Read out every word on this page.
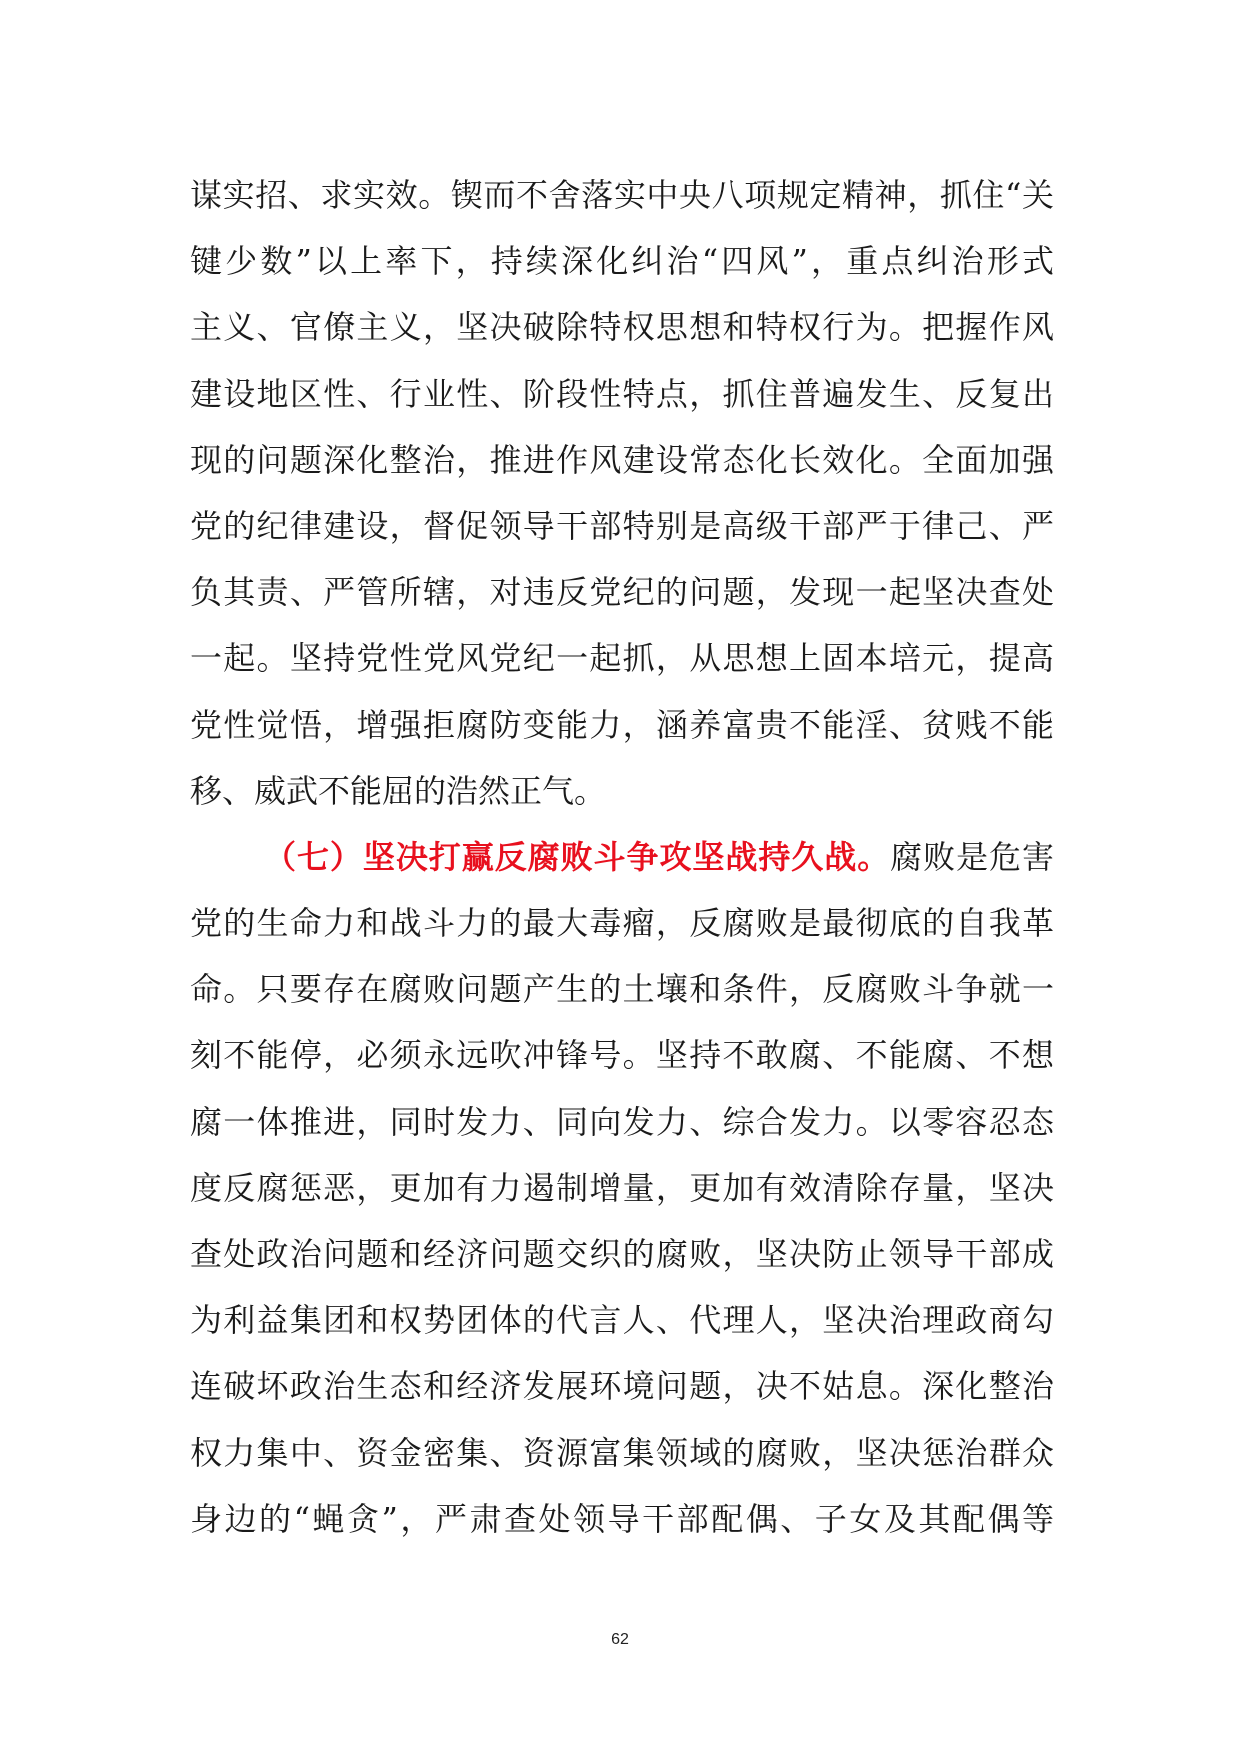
谋实招、求实效。锲而不舍落实中央八项规定精神，抓住“关
键少数”以上率下，持续深化纠治“四风”，重点纠治形式
主义、官僚主义，坚决破除特权思想和特权行为。把握作风
建设地区性、行业性、阶段性特点，抓住普遍发生、反复出
现的问题深化整治，推进作风建设常态化长效化。全面加强
党的纪律建设，督促领导干部特别是高级干部严于律己、严
负其责、严管所辖，对违反党纪的问题，发现一起坚决查处
一起。坚持党性党风党纪一起抓，从思想上固本培元，提高
党性觉悟，增强拒腐防变能力，涵养富贵不能淫、贫贱不能
移、威武不能屈的浩然正气。
（七）坚决打赢反腐败斗争攻坚战持久战。腐败是危害
党的生命力和战斗力的最大毒瘤，反腐败是最彻底的自我革
命。只要存在腐败问题产生的土壤和条件，反腐败斗争就一
刻不能停，必须永远吹冲锋号。坚持不敢腐、不能腐、不想
腐一体推进，同时发力、同向发力、综合发力。以零容忍态
度反腐惩恶，更加有力遏制增量，更加有效清除存量，坚决
查处政治问题和经济问题交织的腐败，坚决防止领导干部成
为利益集团和权势团体的代言人、代理人，坚决治理政商勾
连破坏政治生态和经济发展环境问题，决不姑息。深化整治
权力集中、资金密集、资源富集领域的腐败，坚决惩治群众
身边的“蝇贪”，严肃查处领导干部配偶、子女及其配偶等
62
